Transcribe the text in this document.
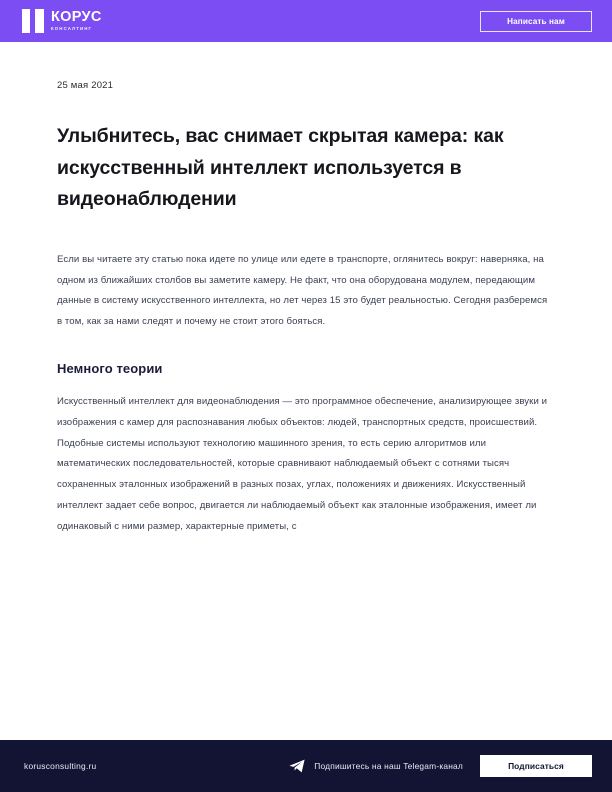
КОРУС
КОНСАЛТИНГ
Написать нам
25 мая 2021
Улыбнитесь, вас снимает скрытая камера: как искусственный интеллект используется в видеонаблюдении

Если вы читаете эту статью пока идете по улице или едете в транспорте, оглянитесь вокруг: наверняка, на одном из ближайших столбов вы заметите камеру. Не факт, что она оборудована модулем, передающим данные в систему искусственного интеллекта, но лет через 15 это будет реальностью. Сегодня разберемся в том, как за нами следят и почему не стоит этого бояться.

Немного теории

Искусственный интеллект для видеонаблюдения — это программное обеспечение, анализирующее звуки и изображения с камер для распознавания любых объектов: людей, транспортных средств, происшествий.

Подобные системы используют технологию машинного зрения, то есть серию алгоритмов или математических последовательностей, которые сравнивают наблюдаемый объект с сотнями тысяч сохраненных эталонных изображений в разных позах, углах, положениях и движениях. Искусственный интеллект задает себе вопрос, двигается ли наблюдаемый объект как эталонные изображения, имеет ли одинаковый с ними размер, характерные приметы, с

korusconsulting.ru	Подпишитесь на наш Telegam-канал	Подписаться
